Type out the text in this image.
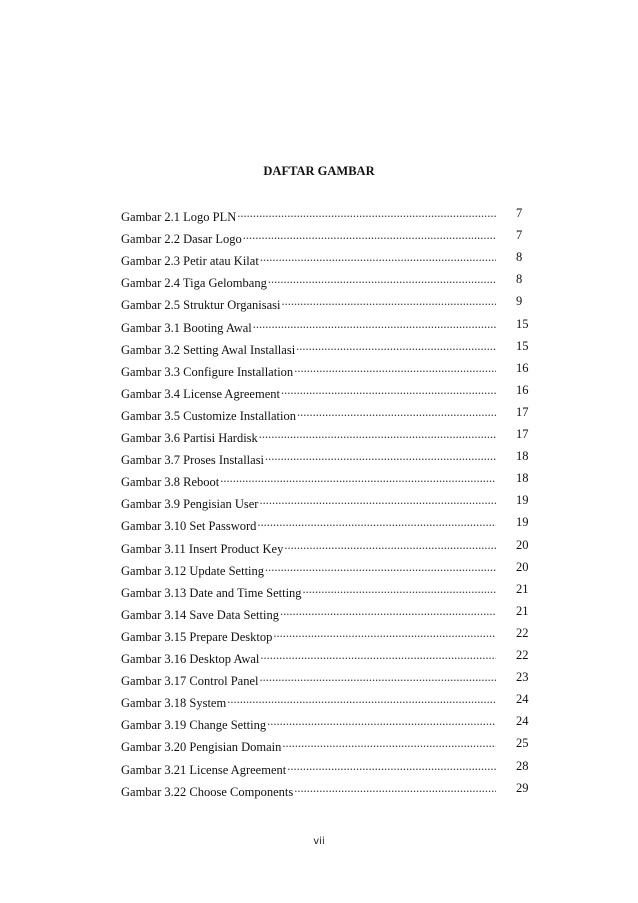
DAFTAR GAMBAR
Gambar 2.1 Logo PLN .....	7
Gambar 2.2 Dasar Logo .....	7
Gambar 2.3 Petir atau Kilat .....	8
Gambar 2.4 Tiga Gelombang .....	8
Gambar 2.5 Struktur Organisasi .....	9
Gambar 3.1 Booting Awal .....	15
Gambar 3.2 Setting Awal Installasi .....	15
Gambar 3.3 Configure Installation .....	16
Gambar 3.4 License Agreement .....	16
Gambar 3.5 Customize Installation .....	17
Gambar 3.6 Partisi Hardisk .....	17
Gambar 3.7 Proses Installasi .....	18
Gambar 3.8 Reboot .....	18
Gambar 3.9 Pengisian User .....	19
Gambar 3.10 Set Password .....	19
Gambar 3.11 Insert Product Key .....	20
Gambar 3.12 Update Setting .....	20
Gambar 3.13 Date and Time Setting .....	21
Gambar 3.14 Save Data Setting .....	21
Gambar 3.15 Prepare Desktop .....	22
Gambar 3.16 Desktop Awal .....	22
Gambar 3.17 Control Panel .....	23
Gambar 3.18 System .....	24
Gambar 3.19 Change Setting .....	24
Gambar 3.20 Pengisian Domain .....	25
Gambar 3.21 License Agreement .....	28
Gambar 3.22 Choose Components .....	29
vii
